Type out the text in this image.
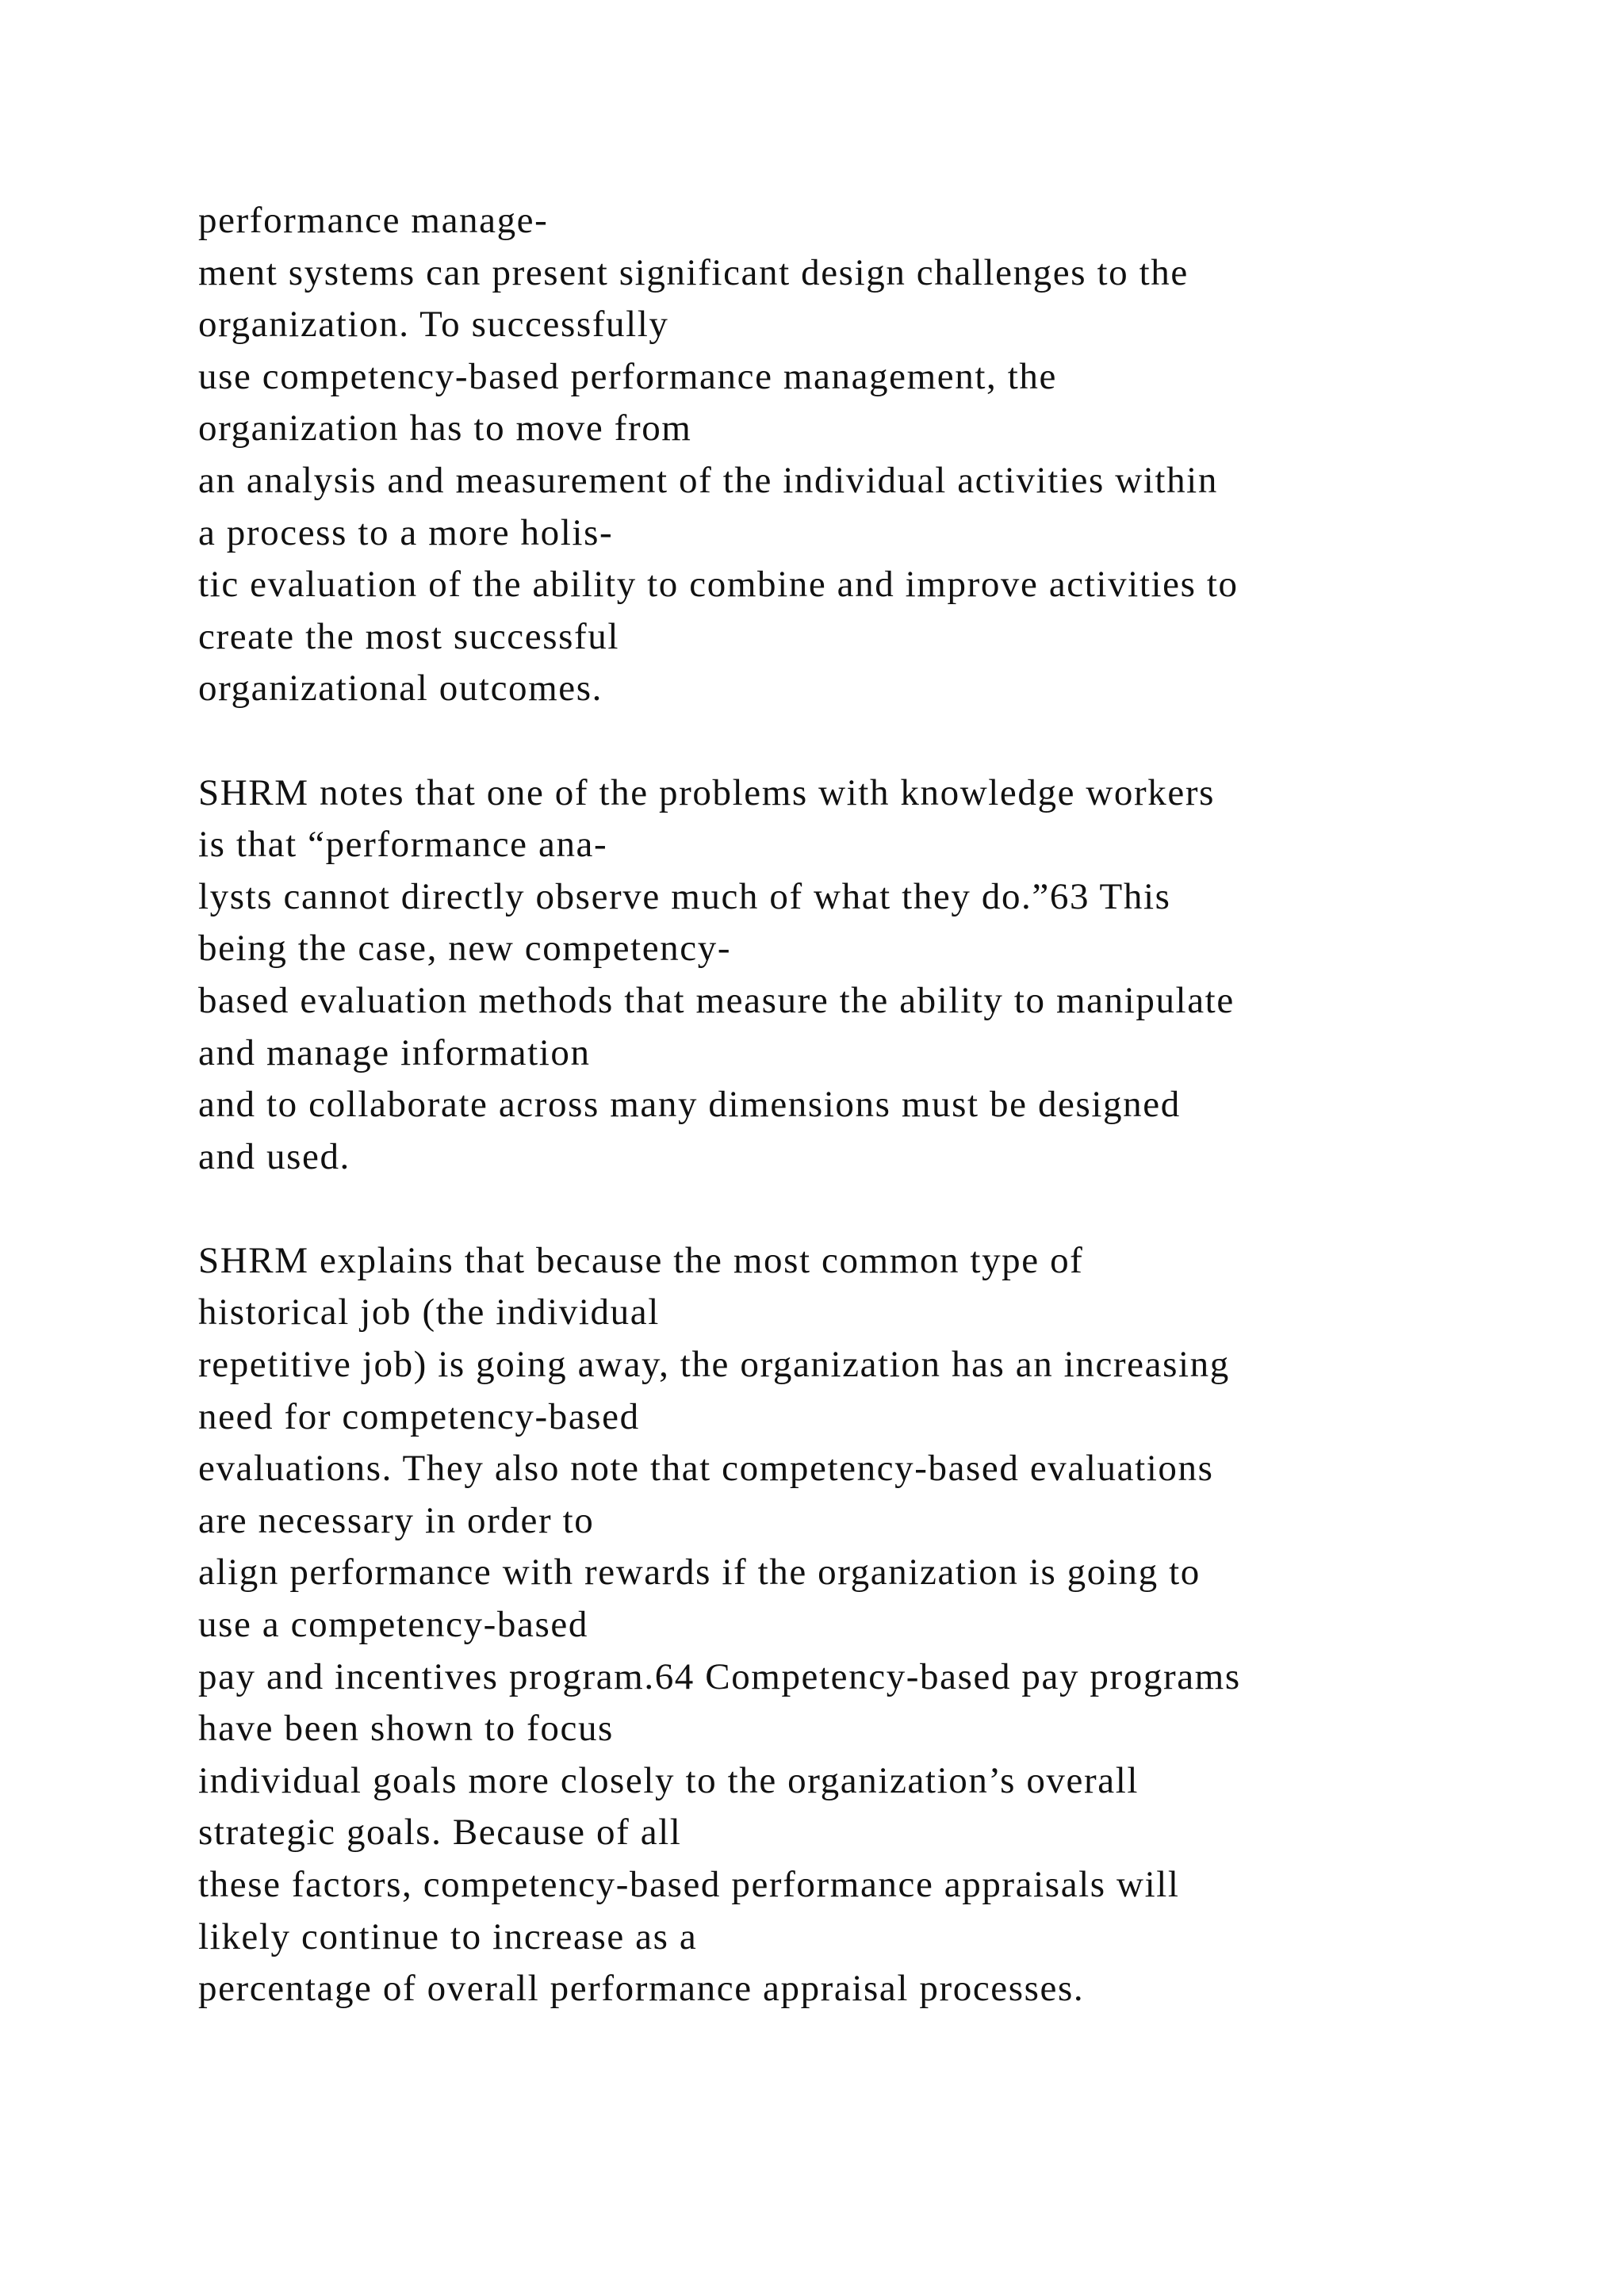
performance manage-
ment systems can present significant design challenges to the
organization. To successfully
use competency-based performance management, the
organization has to move from
an analysis and measurement of the individual activities within
a process to a more holis-
tic evaluation of the ability to combine and improve activities to
create the most successful
organizational outcomes.
SHRM notes that one of the problems with knowledge workers
is that “performance ana-
lysts cannot directly observe much of what they do.”63 This
being the case, new competency-
based evaluation methods that measure the ability to manipulate
and manage information
and to collaborate across many dimensions must be designed
and used.
SHRM explains that because the most common type of
historical job (the individual
repetitive job) is going away, the organization has an increasing
need for competency-based
evaluations. They also note that competency-based evaluations
are necessary in order to
align performance with rewards if the organization is going to
use a competency-based
pay and incentives program.64 Competency-based pay programs
have been shown to focus
individual goals more closely to the organization’s overall
strategic goals. Because of all
these factors, competency-based performance appraisals will
likely continue to increase as a
percentage of overall performance appraisal processes.
